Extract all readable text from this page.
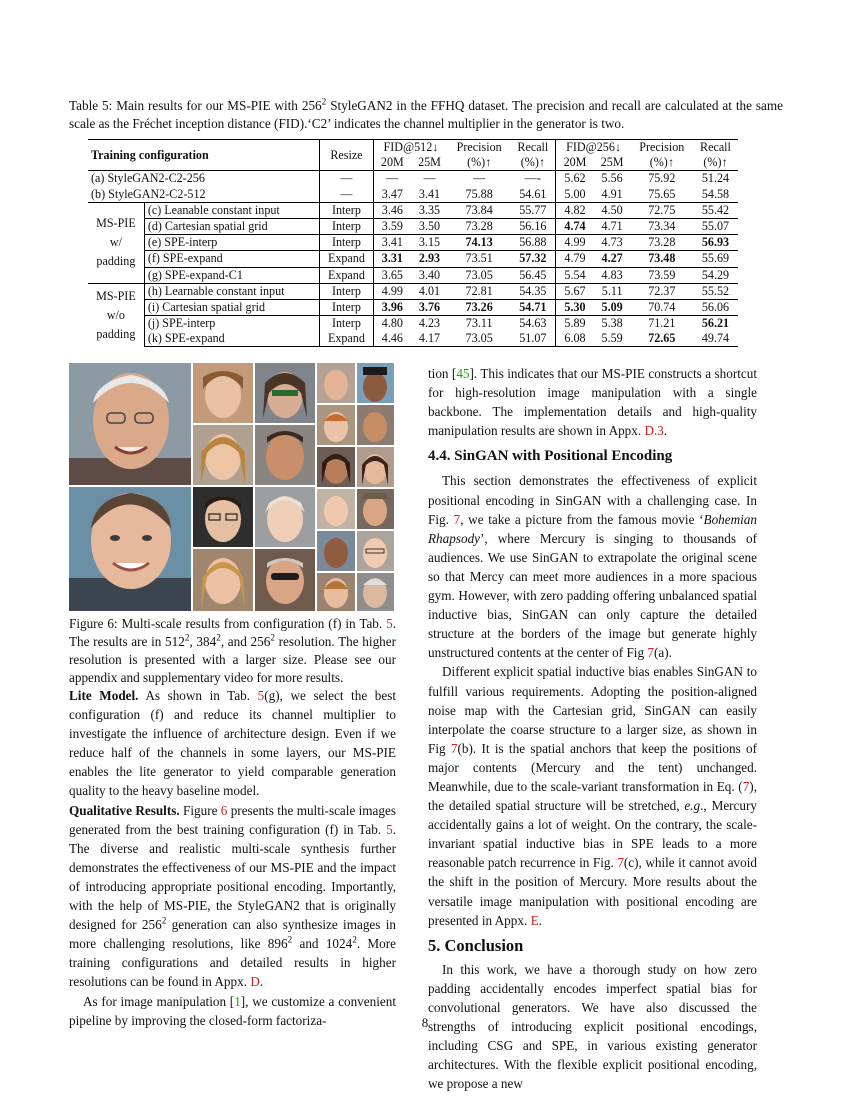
Table 5: Main results for our MS-PIE with $256^2$ StyleGAN2 in the FFHQ dataset. The precision and recall are calculated at the same scale as the Fréchet inception distance (FID).‘C2’ indicates the channel multiplier in the generator is two.
Training configuration		Resize	FID@512↓		Precision	Recall	FID@256↓		Precision	Recall
			20M	25M	(%)↑	(%)↑	20M	25M	(%)↑	(%)↑
(a) StyleGAN2-C2-256		—	—	—	—	—-	5.62	5.56	75.92	51.24
(b) StyleGAN2-C2-512		—	3.47	3.41	75.88	54.61	5.00	4.91	75.65	54.58
MS-PIE
w/
padding	(c) Leanable constant input	Interp	3.46	3.35	73.84	55.77	4.82	4.50	72.75	55.42
	(d) Cartesian spatial grid	Interp	3.59	3.50	73.28	56.16	4.74	4.71	73.34	55.07
	(e) SPE-interp	Interp	3.41	3.15	74.13	56.88	4.99	4.73	73.28	56.93
	(f) SPE-expand	Expand	3.31	2.93	73.51	57.32	4.79	4.27	73.48	55.69
	(g) SPE-expand-C1	Expand	3.65	3.40	73.05	56.45	5.54	4.83	73.59	54.29
MS-PIE
w/o
padding	(h) Learnable constant input	Interp	4.99	4.01	72.81	54.35	5.67	5.11	72.37	55.52
	(i) Cartesian spatial grid	Interp	3.96	3.76	73.26	54.71	5.30	5.09	70.74	56.06
	(j) SPE-interp	Interp	4.80	4.23	73.11	54.63	5.89	5.38	71.21	56.21
	(k) SPE-expand	Expand	4.46	4.17	73.05	51.07	6.08	5.59	72.65	49.74
Figure 6: Multi-scale results from configuration (f) in Tab. 5. The results are in $512^2$, $384^2$, and $256^2$ resolution. The higher resolution is presented with a larger size. Please see our appendix and supplementary video for more results.

Lite Model. As shown in Tab. 5(g), we select the best configuration (f) and reduce its channel multiplier to investigate the influence of architecture design. Even if we reduce half of the channels in some layers, our MS-PIE enables the lite generator to yield comparable generation quality to the heavy baseline model.

Qualitative Results. Figure 6 presents the multi-scale images generated from the best training configuration (f) in Tab. 5. The diverse and realistic multi-scale synthesis further demonstrates the effectiveness of our MS-PIE and the impact of introducing appropriate positional encoding. Importantly, with the help of MS-PIE, the StyleGAN2 that is originally designed for $256^2$ generation can also synthesize images in more challenging resolutions, like $896^2$ and 1024$^2$. More training configurations and detailed results in higher resolutions can be found in Appx. D.

As for image manipulation [1], we customize a convenient pipeline by improving the closed-form factoriza-

tion [45]. This indicates that our MS-PIE constructs a shortcut for high-resolution image manipulation with a single backbone. The implementation details and high-quality manipulation results are shown in Appx. D.3.

4.4. SinGAN with Positional Encoding

This section demonstrates the effectiveness of explicit positional encoding in SinGAN with a challenging case. In Fig. 7, we take a picture from the famous movie ‘Bohemian Rhapsody’, where Mercury is singing to thousands of audiences. We use SinGAN to extrapolate the original scene so that Mercy can meet more audiences in a more spacious gym. However, with zero padding offering unbalanced spatial inductive bias, SinGAN can only capture the detailed structure at the borders of the image but generate highly unstructured contents at the center of Fig 7(a).

Different explicit spatial inductive bias enables SinGAN to fulfill various requirements. Adopting the position-aligned noise map with the Cartesian grid, SinGAN can easily interpolate the coarse structure to a larger size, as shown in Fig 7(b). It is the spatial anchors that keep the positions of major contents (Mercury and the tent) unchanged. Meanwhile, due to the scale-variant transformation in Eq. (7), the detailed spatial structure will be stretched, e.g., Mercury accidentally gains a lot of weight. On the contrary, the scale-invariant spatial inductive bias in SPE leads to a more reasonable patch recurrence in Fig. 7(c), while it cannot avoid the shift in the position of Mercury. More results about the versatile image manipulation with positional encoding are presented in Appx. E.

5. Conclusion

In this work, we have a thorough study on how zero padding accidentally encodes imperfect spatial bias for convolutional generators. We have also discussed the strengths of introducing explicit positional encodings, including CSG and SPE, in various existing generator architectures. With the flexible explicit positional encoding, we propose a new

8
